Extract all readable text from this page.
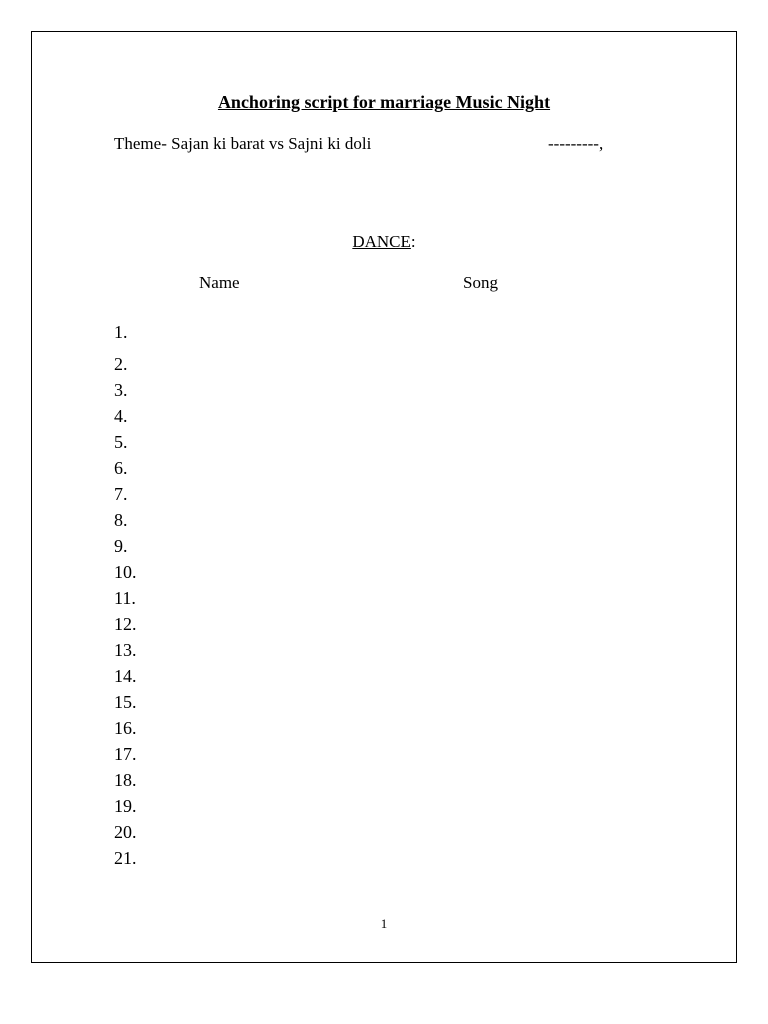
Anchoring script for marriage Music Night
Theme- Sajan ki barat vs Sajni ki doli	---------,
DANCE:
Name	Song
1.
2.
3.
4.
5.
6.
7.
8.
9.
10.
11.
12.
13.
14.
15.
16.
17.
18.
19.
20.
21.
1
